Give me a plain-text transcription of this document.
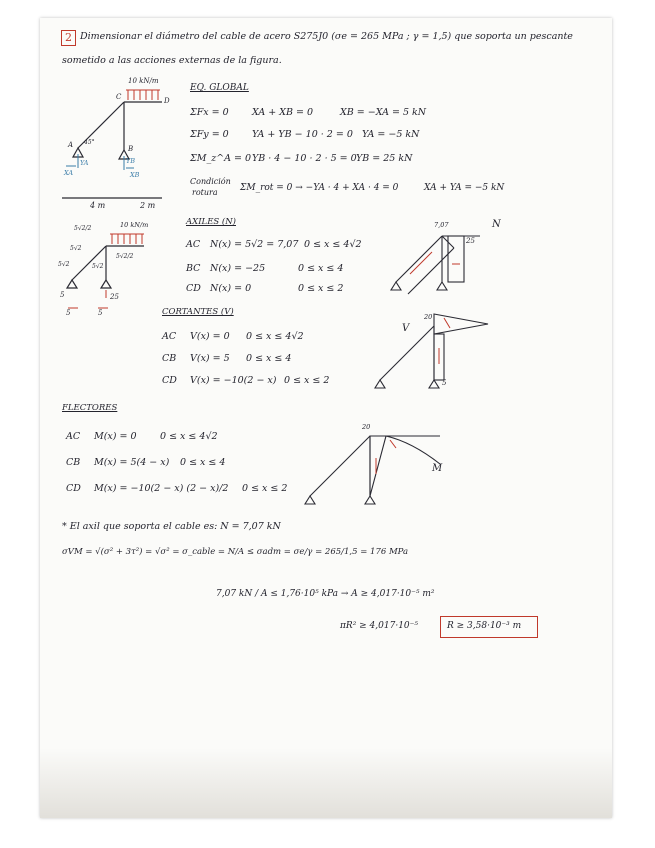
2 Dimensionar el diámetro del cable de acero S275J0 (σe = 265 MPa ; γ = 1,5) que soporta un pescante
sometido a las acciones externas de la figura.
10 kN/m
D
C
A	B
45°
YA
XA
YB
XB
4 m	2 m
EQ. GLOBAL
ΣFx = 0 XA + XB = 0	XB = −XA = 5 kN
ΣFy = 0 YA + YB − 10 · 2 = 0 YA = −5 kN
ΣM_z^A = 0 YB · 4 − 10 · 2 · 5 = 0 YB = 25 kN
Condición
rotura ΣM_rot = 0 → −YA · 4 + XA · 4 = 0	XA + YA = −5 kN
10 kN/m
5√2/2
5√2/2
5√2
5√2	5√2
5	25
5	5
AXILES (N)
AC N(x) = 5√2 = 7,07 0 ≤ x ≤ 4√2
BC N(x) = −25	0 ≤ x ≤ 4
CD N(x) = 0	0 ≤ x ≤ 2
N
7,07
25
CORTANTES (V)
AC V(x) = 0 0 ≤ x ≤ 4√2
CB V(x) = 5 0 ≤ x ≤ 4
CD V(x) = −10(2 − x) 0 ≤ x ≤ 2
V
20
5
FLECTORES
AC M(x) = 0 0 ≤ x ≤ 4√2
CB M(x) = 5(4 − x) 0 ≤ x ≤ 4
CD M(x) = −10(2 − x) (2 − x)/2 0 ≤ x ≤ 2
M
20
* El axil que soporta el cable es: N = 7,07 kN
σVM = √(σ² + 3τ²) = √σ² = σ_cable = N/A ≤ σadm = σe/γ = 265/1,5 = 176 MPa
7,07 kN / A ≤ 1,76·10⁵ kPa → A ≥ 4,017·10⁻⁵ m²
πR² ≥ 4,017·10⁻⁵	R ≥ 3,58·10⁻³ m
